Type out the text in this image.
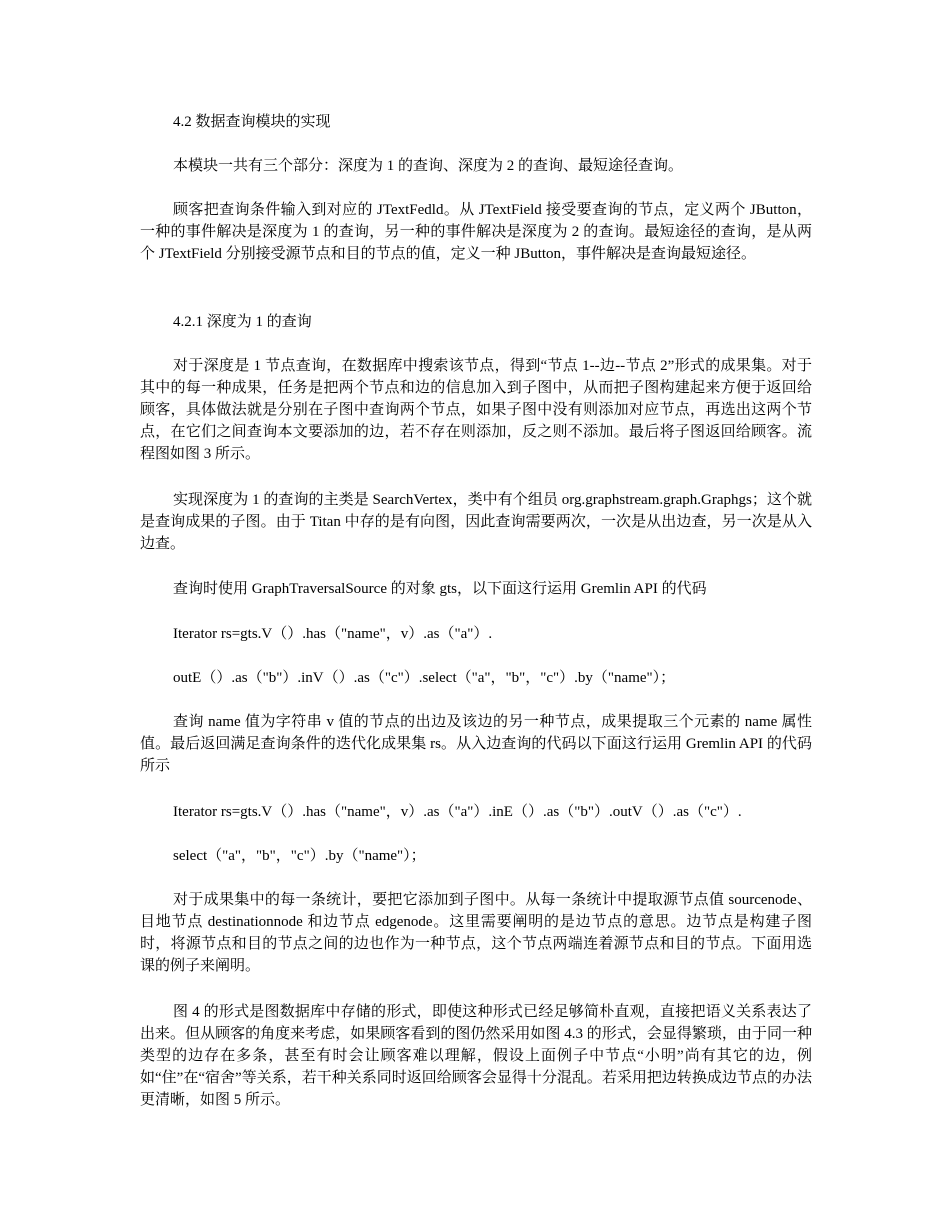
4.2 数据查询模块的实现

本模块一共有三个部分：深度为 1 的查询、深度为 2 的查询、最短途径查询。

顾客把查询条件输入到对应的 JTextFedld。从 JTextField 接受要查询的节点，定义两个 JButton，一种的事件解决是深度为 1 的查询，另一种的事件解决是深度为 2 的查询。最短途径的查询，是从两个 JTextField 分别接受源节点和目的节点的值，定义一种 JButton，事件解决是查询最短途径。

4.2.1 深度为 1 的查询

对于深度是 1 节点查询，在数据库中搜索该节点，得到“节点 1--边--节点 2”形式的成果集。对于其中的每一种成果，任务是把两个节点和边的信息加入到子图中，从而把子图构建起来方便于返回给顾客，具体做法就是分别在子图中查询两个节点，如果子图中没有则添加对应节点，再选出这两个节点，在它们之间查询本文要添加的边，若不存在则添加，反之则不添加。最后将子图返回给顾客。流程图如图 3 所示。

实现深度为 1 的查询的主类是 SearchVertex，类中有个组员 org.graphstream.graph.Graphgs；这个就是查询成果的子图。由于 Titan 中存的是有向图，因此查询需要两次，一次是从出边查，另一次是从入边查。

查询时使用 GraphTraversalSource 的对象 gts，以下面这行运用 Gremlin API 的代码

Iterator rs=gts.V（）.has（"name"，v）.as（"a"）.

outE（）.as（"b"）.inV（）.as（"c"）.select（"a"，"b"，"c"）.by（"name"）；

查询 name 值为字符串 v 值的节点的出边及该边的另一种节点，成果提取三个元素的 name 属性值。最后返回满足查询条件的迭代化成果集 rs。从入边查询的代码以下面这行运用 Gremlin API 的代码所示

Iterator rs=gts.V（）.has（"name"，v）.as（"a"）.inE（）.as（"b"）.outV（）.as（"c"）.

select（"a"，"b"，"c"）.by（"name"）；

对于成果集中的每一条统计，要把它添加到子图中。从每一条统计中提取源节点值 sourcenode、目地节点 destinationnode 和边节点 edgenode。这里需要阐明的是边节点的意思。边节点是构建子图时，将源节点和目的节点之间的边也作为一种节点，这个节点两端连着源节点和目的节点。下面用选课的例子来阐明。

图 4 的形式是图数据库中存储的形式，即使这种形式已经足够简朴直观，直接把语义关系表达了出来。但从顾客的角度来考虑，如果顾客看到的图仍然采用如图 4.3 的形式，会显得繁琐，由于同一种类型的边存在多条，甚至有时会让顾客难以理解，假设上面例子中节点“小明”尚有其它的边，例如“住”在“宿舍”等关系，若干种关系同时返回给顾客会显得十分混乱。若采用把边转换成边节点的办法更清晰，如图 5 所示。
